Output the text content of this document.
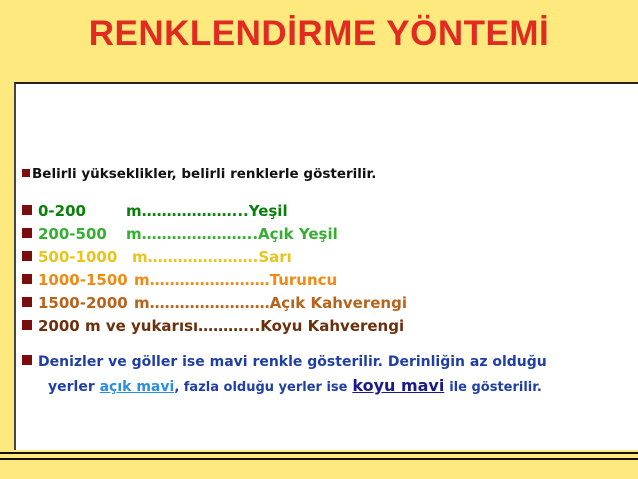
RENKLENDİRME YÖNTEMİ
Belirli yükseklikler, belirli renklerle gösterilir.
0-200	m………………...Yeşil
200-500 m…………………..Açık Yeşil
500-1000 m………………….Sarı
1000-1500 m……………………Turuncu
1500-2000 m……………………Açık Kahverengi
2000 m ve yukarısı………...Koyu Kahverengi
Denizler ve göller ise mavi renkle gösterilir. Derinliğin az olduğu
yerler açık mavi, fazla olduğu yerler ise koyu mavi ile gösterilir.
